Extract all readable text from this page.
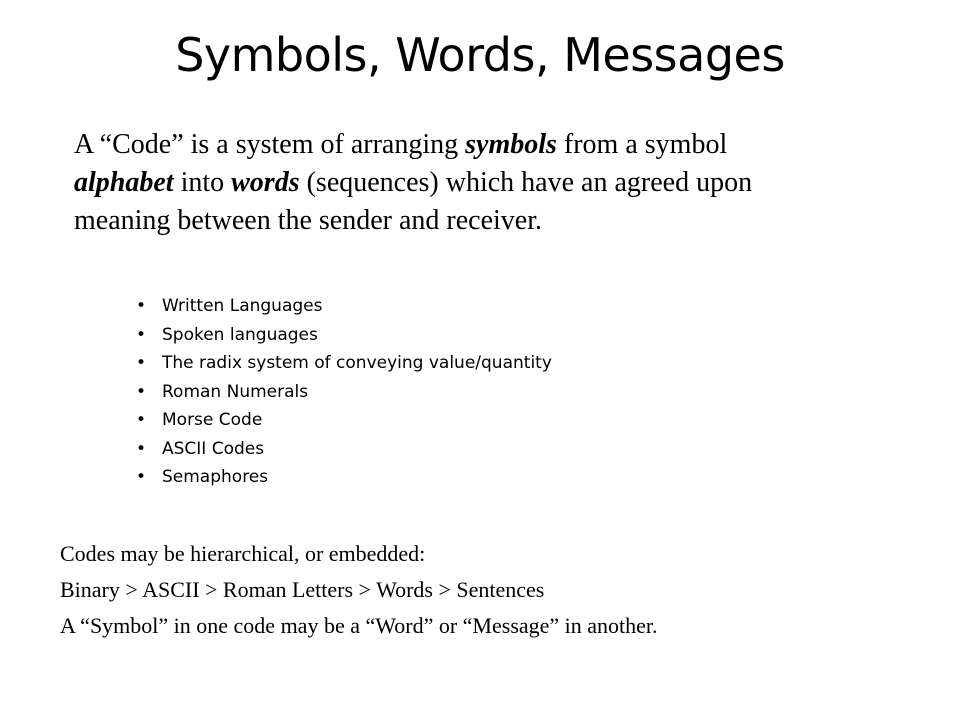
Symbols, Words, Messages
A “Code” is a system of arranging symbols from a symbol alphabet into words (sequences) which have an agreed upon meaning between the sender and receiver.
• Written Languages
• Spoken languages
• The radix system of conveying value/quantity
• Roman Numerals
• Morse Code
• ASCII Codes
• Semaphores

Codes may be hierarchical, or embedded:

Binary > ASCII > Roman Letters > Words > Sentences

A “Symbol” in one code may be a “Word” or “Message” in another.
